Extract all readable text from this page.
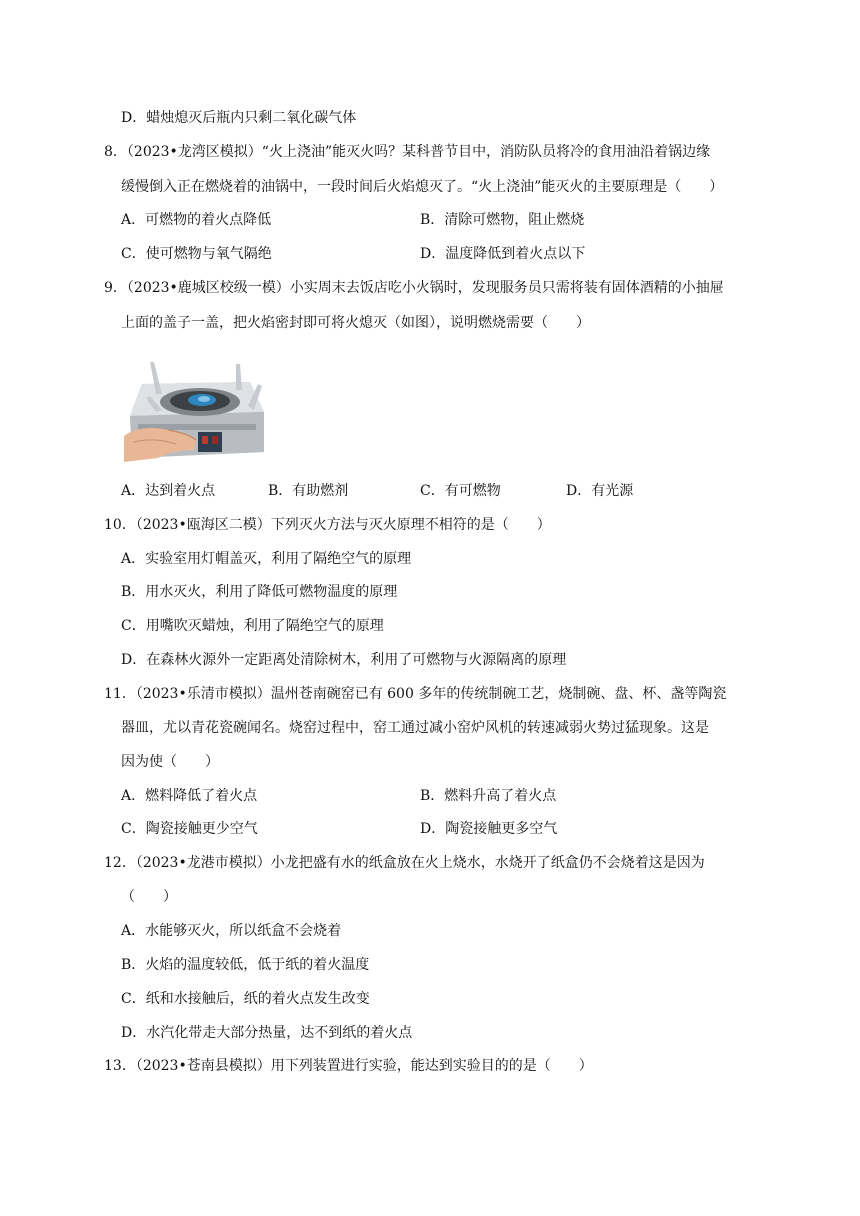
D．蜡烛熄灭后瓶内只剩二氧化碳气体
8．（2023•龙湾区模拟）“火上浇油”能灭火吗？某科普节目中，消防队员将冷的食用油沿着锅边缘
缓慢倒入正在燃烧着的油锅中，一段时间后火焰熄灭了。“火上浇油”能灭火的主要原理是（　　）
A．可燃物的着火点降低	B．清除可燃物，阻止燃烧
C．使可燃物与氧气隔绝	D．温度降低到着火点以下
9．（2023•鹿城区校级一模）小实周末去饭店吃小火锅时，发现服务员只需将装有固体酒精的小抽屉
上面的盖子一盖，把火焰密封即可将火熄灭（如图），说明燃烧需要（　　）
A．达到着火点	B．有助燃剂	C．有可燃物	D．有光源
10．（2023•瓯海区二模）下列灭火方法与灭火原理不相符的是（　　）
A．实验室用灯帽盖灭，利用了隔绝空气的原理
B．用水灭火，利用了降低可燃物温度的原理
C．用嘴吹灭蜡烛，利用了隔绝空气的原理
D．在森林火源外一定距离处清除树木，利用了可燃物与火源隔离的原理
11．（2023•乐清市模拟）温州苍南碗窑已有 600 多年的传统制碗工艺，烧制碗、盘、杯、盏等陶瓷
器皿，尤以青花瓷碗闻名。烧窑过程中，窑工通过减小窑炉风机的转速减弱火势过猛现象。这是
因为使（　　）
A．燃料降低了着火点	B．燃料升高了着火点
C．陶瓷接触更少空气	D．陶瓷接触更多空气
12．（2023•龙港市模拟）小龙把盛有水的纸盒放在火上烧水，水烧开了纸盒仍不会烧着这是因为
（　　）
A．水能够灭火，所以纸盒不会烧着
B．火焰的温度较低，低于纸的着火温度
C．纸和水接触后，纸的着火点发生改变
D．水汽化带走大部分热量，达不到纸的着火点
13．（2023•苍南县模拟）用下列装置进行实验，能达到实验目的的是（　　）
